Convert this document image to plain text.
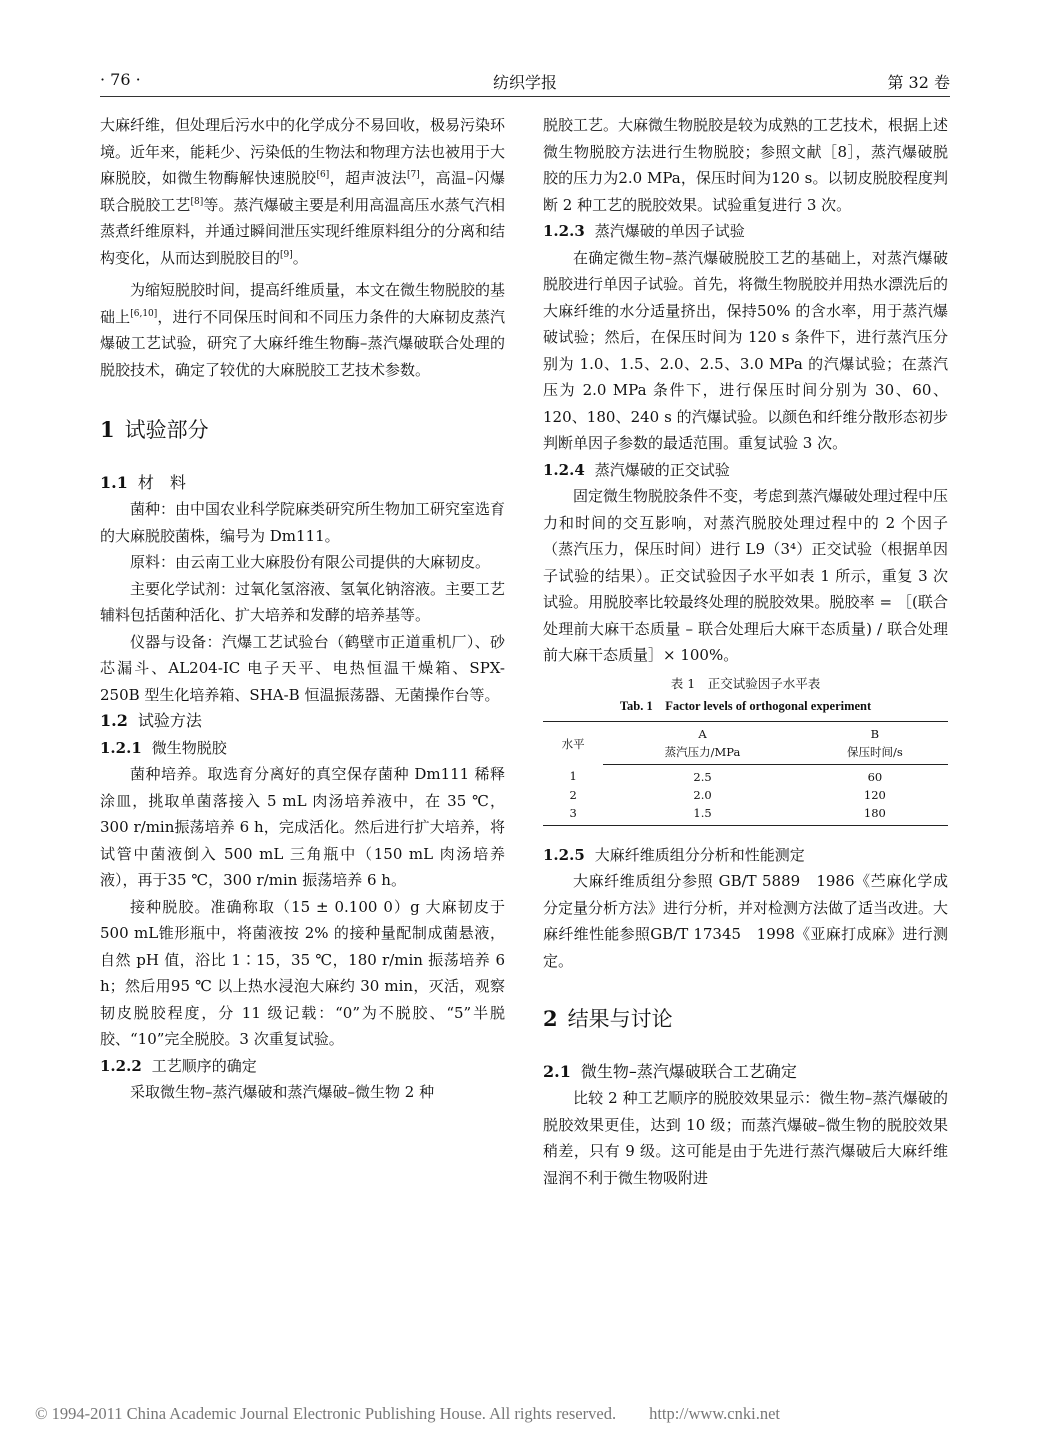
· 76 ·	纺织学报	第 32 卷

大麻纤维，但处理后污水中的化学成分不易回收，极易污染环境。近年来，能耗少、污染低的生物法和物理方法也被用于大麻脱胶，如微生物酶解快速脱胶[6]，超声波法[7]，高温–闪爆联合脱胶工艺[8]等。蒸汽爆破主要是利用高温高压水蒸气汽相蒸煮纤维原料，并通过瞬间泄压实现纤维原料组分的分离和结构变化，从而达到脱胶目的[9]。

为缩短脱胶时间，提高纤维质量，本文在微生物脱胶的基础上[6,10]，进行不同保压时间和不同压力条件的大麻韧皮蒸汽爆破工艺试验，研究了大麻纤维生物酶–蒸汽爆破联合处理的脱胶技术，确定了较优的大麻脱胶工艺技术参数。

1 试验部分
1.1 材　料

菌种：由中国农业科学院麻类研究所生物加工研究室选育的大麻脱胶菌株，编号为 Dm111。

原料：由云南工业大麻股份有限公司提供的大麻韧皮。

主要化学试剂：过氧化氢溶液、氢氧化钠溶液。主要工艺辅料包括菌种活化、扩大培养和发酵的培养基等。

仪器与设备：汽爆工艺试验台（鹤壁市正道重机厂）、砂芯漏斗、AL204-IC 电子天平、电热恒温干燥箱、SPX-250B 型生化培养箱、SHA-B 恒温振荡器、无菌操作台等。

1.2 试验方法
1.2.1 微生物脱胶

菌种培养。取选育分离好的真空保存菌种 Dm111 稀释涂皿，挑取单菌落接入 5 mL 肉汤培养液中，在 35 ℃，300 r/min振荡培养 6 h，完成活化。然后进行扩大培养，将试管中菌液倒入 500 mL 三角瓶中（150 mL 肉汤培养液），再于35 ℃，300 r/min 振荡培养 6 h。

接种脱胶。准确称取（15 ± 0.100 0）g 大麻韧皮于500 mL锥形瓶中，将菌液按 2% 的接种量配制成菌悬液，自然 pH 值，浴比 1∶15，35 ℃，180 r/min 振荡培养 6 h；然后用95 ℃ 以上热水浸泡大麻约 30 min，灭活，观察韧皮脱胶程度，分 11 级记载：“0”为不脱胶、“5”半脱胶、“10”完全脱胶。3 次重复试验。

1.2.2 工艺顺序的确定

采取微生物–蒸汽爆破和蒸汽爆破–微生物 2 种

脱胶工艺。大麻微生物脱胶是较为成熟的工艺技术，根据上述微生物脱胶方法进行生物脱胶；参照文献［8］，蒸汽爆破脱胶的压力为2.0 MPa，保压时间为120 s。以韧皮脱胶程度判断 2 种工艺的脱胶效果。试验重复进行 3 次。

1.2.3 蒸汽爆破的单因子试验

在确定微生物–蒸汽爆破脱胶工艺的基础上，对蒸汽爆破脱胶进行单因子试验。首先，将微生物脱胶并用热水漂洗后的大麻纤维的水分适量挤出，保持50% 的含水率，用于蒸汽爆破试验；然后，在保压时间为 120 s 条件下，进行蒸汽压分别为 1.0、1.5、2.0、2.5、3.0 MPa 的汽爆试验；在蒸汽压为 2.0 MPa 条件下，进行保压时间分别为 30、60、120、180、240 s 的汽爆试验。以颜色和纤维分散形态初步判断单因子参数的最适范围。重复试验 3 次。

1.2.4 蒸汽爆破的正交试验

固定微生物脱胶条件不变，考虑到蒸汽爆破处理过程中压力和时间的交互影响，对蒸汽脱胶处理过程中的 2 个因子（蒸汽压力，保压时间）进行 L9（3⁴）正交试验（根据单因子试验的结果）。正交试验因子水平如表 1 所示，重复 3 次试验。用脱胶率比较最终处理的脱胶效果。脱胶率 = ［(联合处理前大麻干态质量 – 联合处理后大麻干态质量) / 联合处理前大麻干态质量］× 100%。

表 1　正交试验因子水平表
Tab. 1　Factor levels of orthogonal experiment
水平	A	B
	蒸汽压力/MPa	保压时间/s
1	2.5	60
2	2.0	120
3	1.5	180
1.2.5 大麻纤维质组分分析和性能测定

大麻纤维质组分参照 GB/T 5889　1986《苎麻化学成分定量分析方法》进行分析，并对检测方法做了适当改进。大麻纤维性能参照GB/T 17345　1998《亚麻打成麻》进行测定。

2 结果与讨论
2.1 微生物–蒸汽爆破联合工艺确定

比较 2 种工艺顺序的脱胶效果显示：微生物–蒸汽爆破的脱胶效果更佳，达到 10 级；而蒸汽爆破–微生物的脱胶效果稍差，只有 9 级。这可能是由于先进行蒸汽爆破后大麻纤维湿润不利于微生物吸附进

© 1994-2011 China Academic Journal Electronic Publishing House. All rights reserved.　　http://www.cnki.net
